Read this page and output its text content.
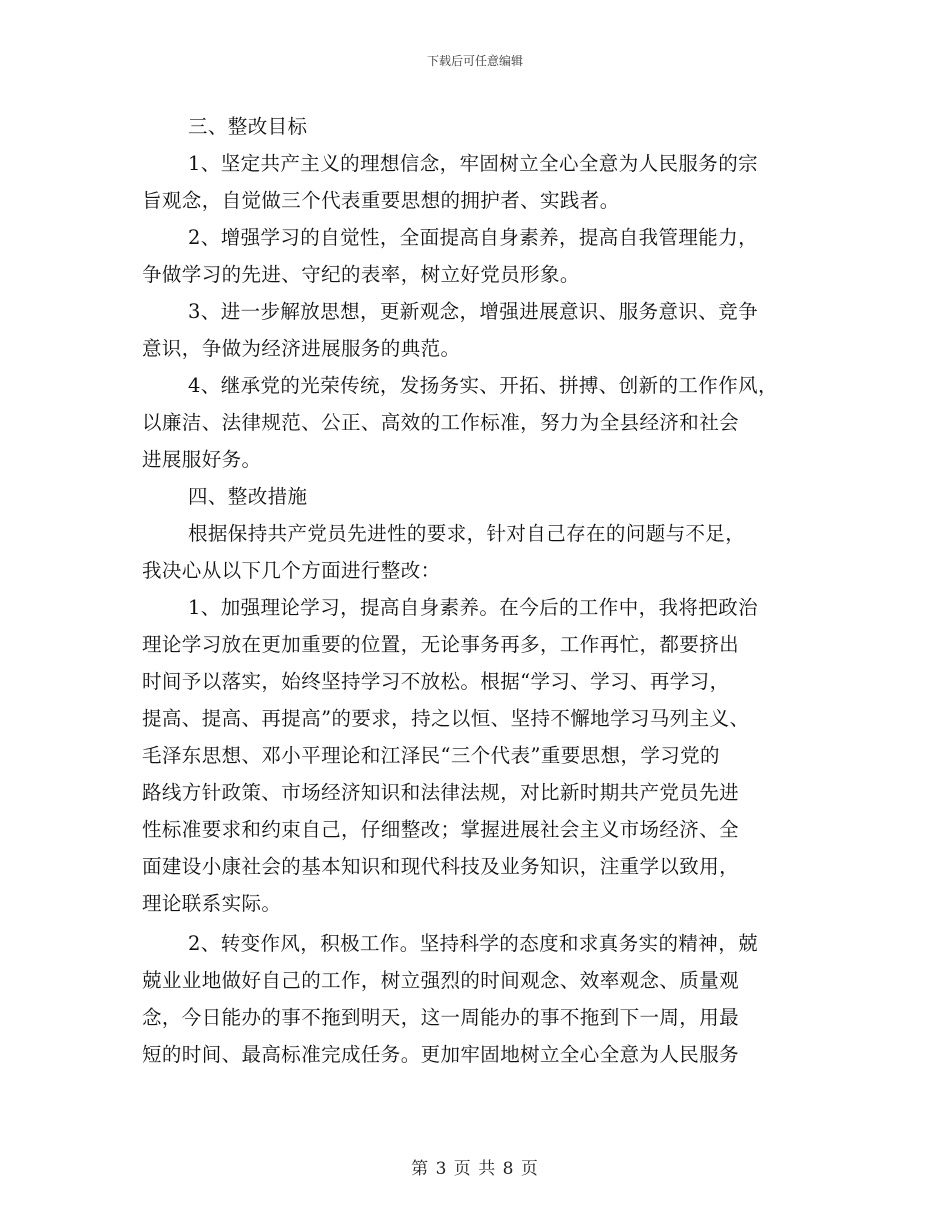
下载后可任意编辑
三、整改目标
1、坚定共产主义的理想信念，牢固树立全心全意为人民服务的宗
旨观念，自觉做三个代表重要思想的拥护者、实践者。
2、增强学习的自觉性，全面提高自身素养，提高自我管理能力，
争做学习的先进、守纪的表率，树立好党员形象。
3、进一步解放思想，更新观念，增强进展意识、服务意识、竞争
意识，争做为经济进展服务的典范。
4、继承党的光荣传统，发扬务实、开拓、拼搏、创新的工作作风，
以廉洁、法律规范、公正、高效的工作标准，努力为全县经济和社会
进展服好务。
四、整改措施
根据保持共产党员先进性的要求，针对自己存在的问题与不足，
我决心从以下几个方面进行整改：
1、加强理论学习，提高自身素养。在今后的工作中，我将把政治
理论学习放在更加重要的位置，无论事务再多，工作再忙，都要挤出
时间予以落实，始终坚持学习不放松。根据“学习、学习、再学习，
提高、提高、再提高”的要求，持之以恒、坚持不懈地学习马列主义、
毛泽东思想、邓小平理论和江泽民“三个代表”重要思想，学习党的
路线方针政策、市场经济知识和法律法规，对比新时期共产党员先进
性标准要求和约束自己，仔细整改；掌握进展社会主义市场经济、全
面建设小康社会的基本知识和现代科技及业务知识，注重学以致用，
理论联系实际。
2、转变作风，积极工作。坚持科学的态度和求真务实的精神，兢
兢业业地做好自己的工作，树立强烈的时间观念、效率观念、质量观
念，今日能办的事不拖到明天，这一周能办的事不拖到下一周，用最
短的时间、最高标准完成任务。更加牢固地树立全心全意为人民服务
第 3 页 共 8 页
